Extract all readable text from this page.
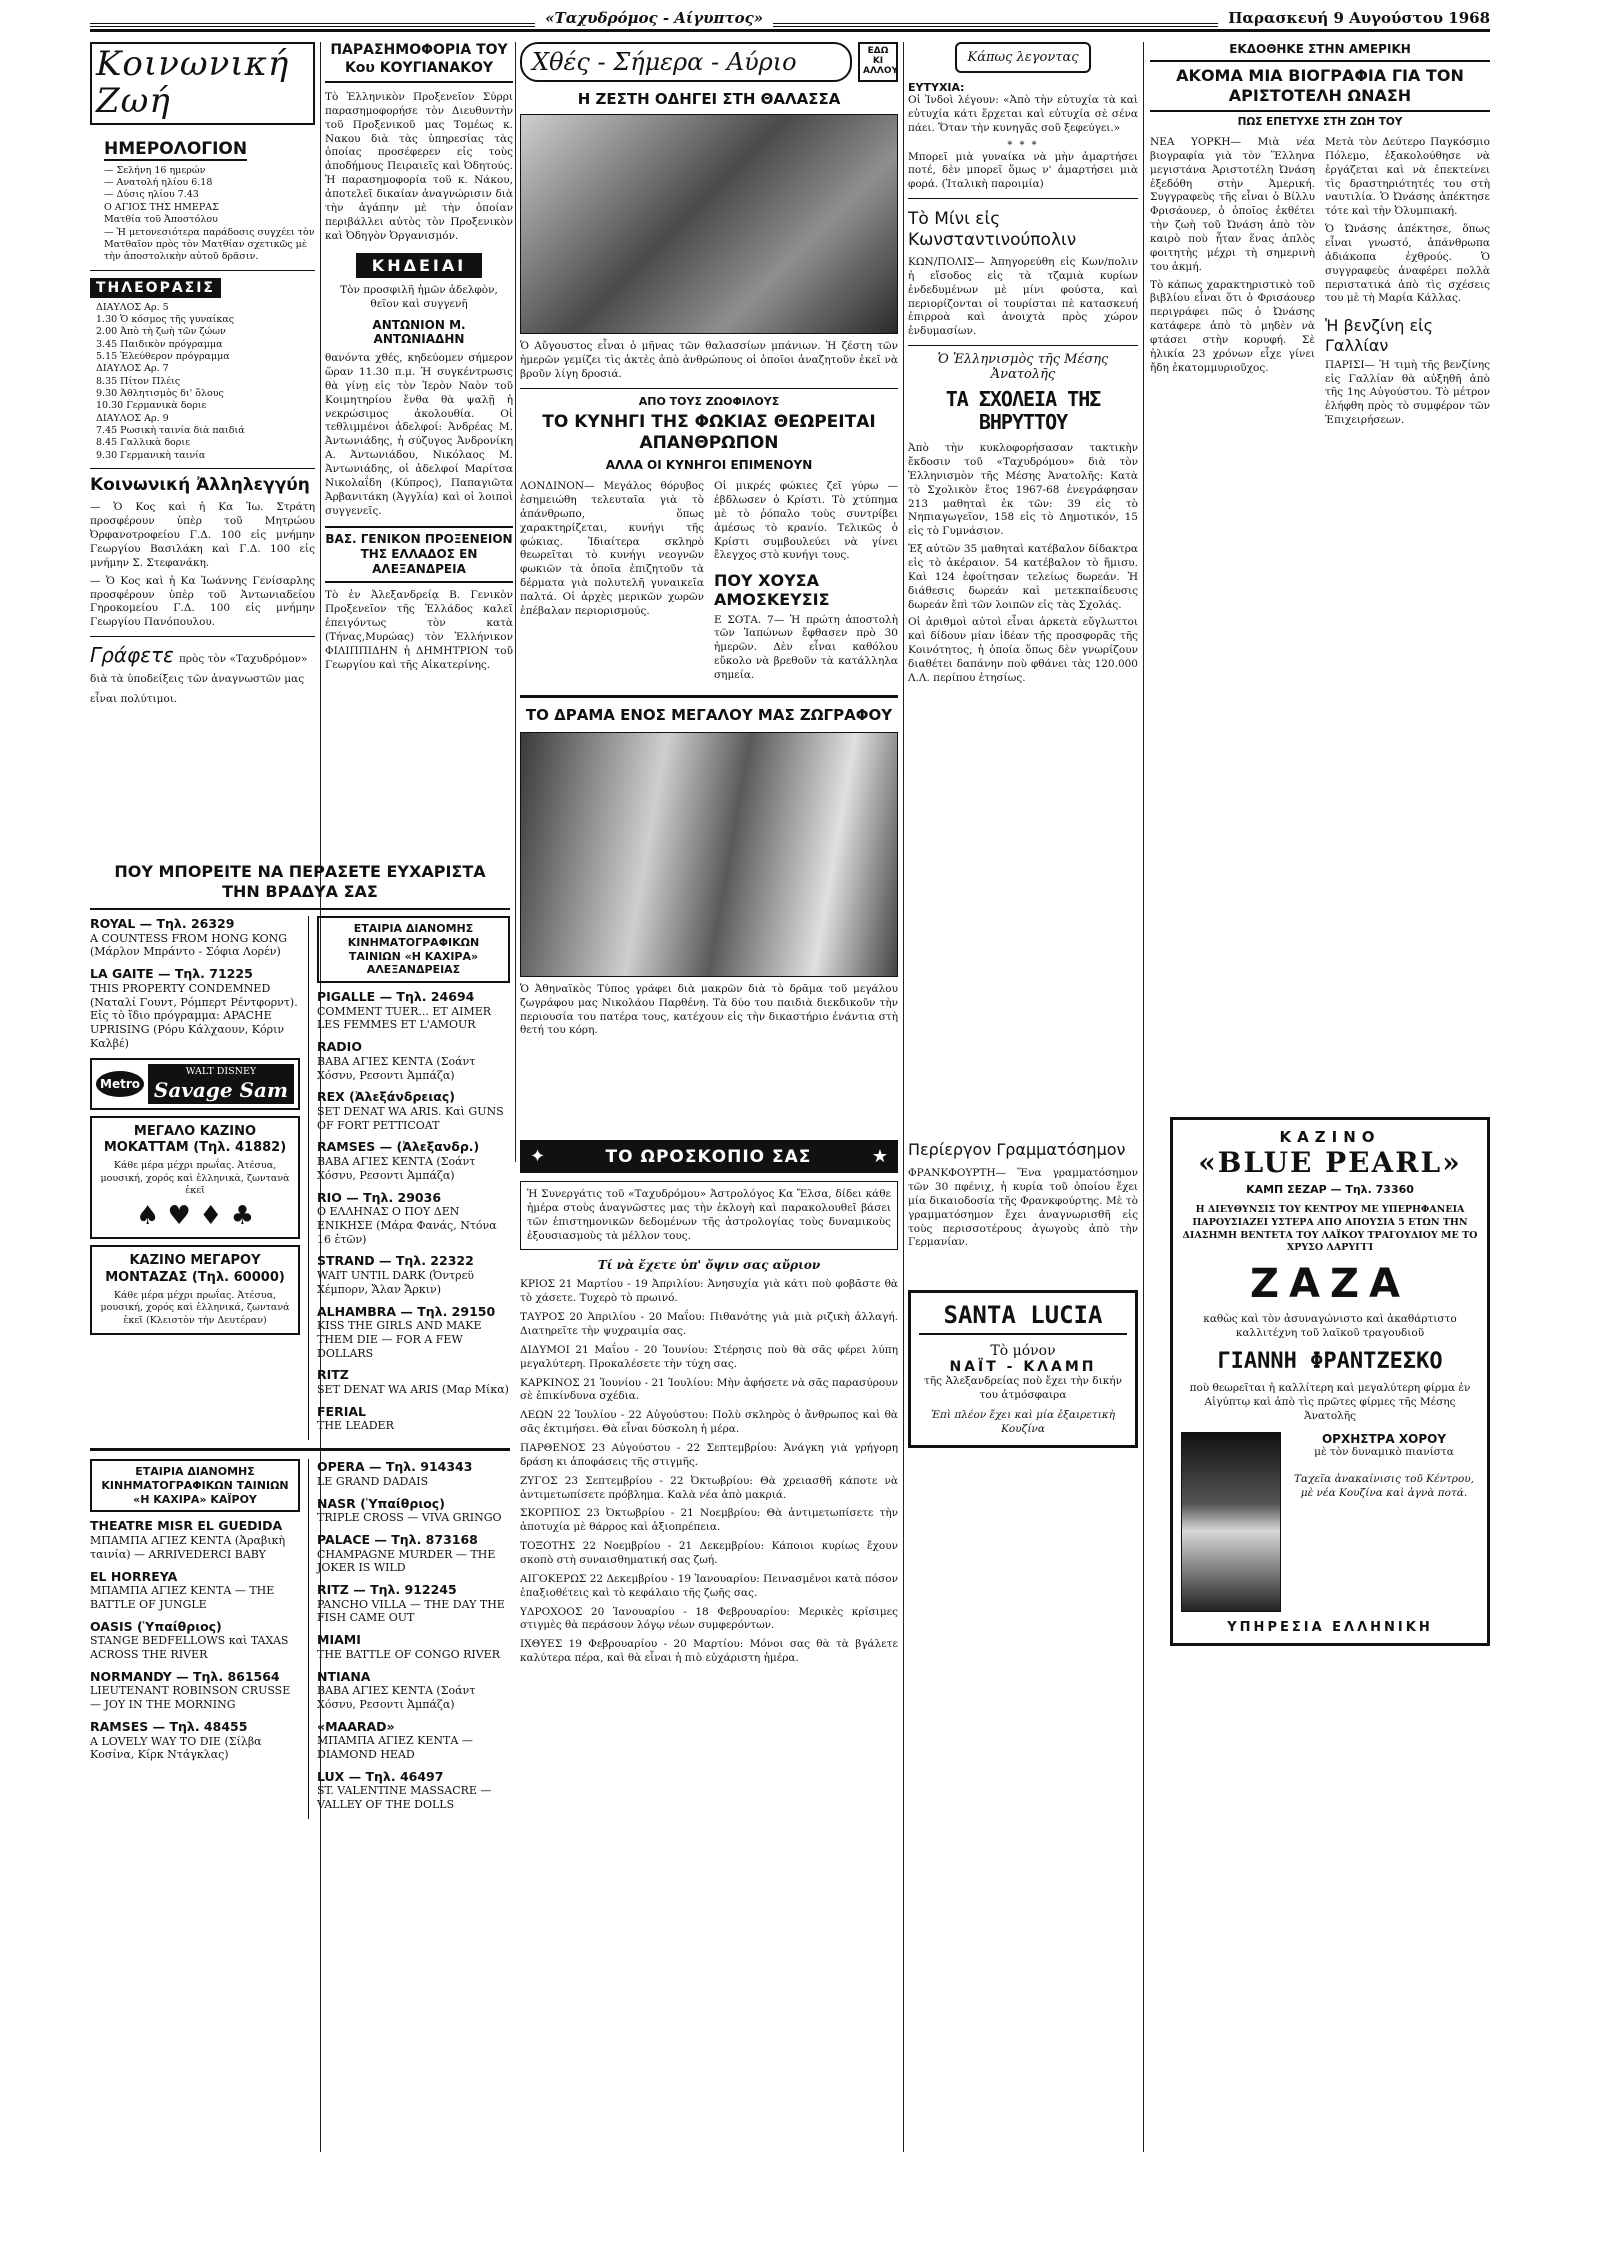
«Ταχυδρόμος - Αίγυπτος»	Παρασκευή 9 Αυγούστου 1968
Κοινωνική Ζωή
ΗΜΕΡΟΛΟΓΙΟΝ
— Σελήνη 16 ημερών
— Ανατολή ηλίου 6.18
— Δύσις ηλίου 7.43
Ο ΑΓΙΟΣ ΤΗΣ ΗΜΕΡΑΣ
Ματθία τοῦ Ἀποστόλου
— Ἡ μετονεσιότερα παράδοσις συγχέει τὸν Ματθαῖον πρὸς τὸν Ματθίαν σχετικῶς μὲ τὴν ἀποστολικὴν αὐτοῦ δρᾶσιν.
ΤΗΛΕΟΡΑΣΙΣ
ΔΙΑΥΛΟΣ Αρ. 5
1.30 Ὁ κόσμος τῆς γυναίκας
2.00 Ἀπὸ τὴ ζωὴ τῶν ζώων
3.45 Παιδικὸν πρόγραμμα
5.15 Ἐλεύθερον πρόγραμμα
ΔΙΑΥΛΟΣ Αρ. 7
8.35 Πίτον Πλέις
9.30 Ἀθλητισμὸς δι' ὅλους
10.30 Γερμανικὰ δοριε
ΔΙΑΥΛΟΣ Αρ. 9
7.45 Ρωσικὴ ταινία διὰ παιδιά
8.45 Γαλλικὰ δοριε
9.30 Γερμανικὴ ταινία
Κοινωνική Ἀλληλεγγύη

— Ὁ Κος καὶ ἡ Κα Ἰω. Στράτη προσφέρουν ὑπὲρ τοῦ Μητρώου Ὀρφανοτροφείου Γ.Δ. 100 εἰς μνήμην Γεωργίου Βασιλάκη καὶ Γ.Δ. 100 εἰς μνήμην Σ. Στεφανάκη.

— Ὁ Κος καὶ ἡ Κα Ἰωάννης Γενίσαρλης προσφέρουν ὑπὲρ τοῦ Ἀντωνιαδείου Γηροκομείου Γ.Δ. 100 εἰς μνήμην Γεωργίου Πανόπουλου.

Γράφετε πρὸς τὸν «Ταχυδρόμον» διὰ τὰ ὑποδείξεις τῶν ἀναγνωστῶν μας εἶναι πολύτιμοι.
ΠΑΡΑΣΗΜΟΦΟΡΙΑ ΤΟΥ Κου ΚΟΥΓΙΑΝΑΚΟΥ

Τὸ Ἑλληνικὸν Προξενεῖον Σύρρι παρασημοφορήσε τὸν Διευθυντὴν τοῦ Προξενικοῦ μας Τομέως κ. Νακου διὰ τὰς ὑπηρεσίας τὰς ὁποίας προσέφερεν εἰς τοὺς ἀποδήμους Πειραιεῖς καὶ Ὀδητούς. Ἡ παρασημοφορία τοῦ κ. Νάκου, ἀποτελεῖ δικαίαν ἀναγνώρισιν διὰ τὴν ἀγάπην μὲ τὴν ὁποίαν περιβάλλει αὐτὸς τὸν Προξενικὸν καὶ Ὀδηγὸν Ὀργανισμόν.

ΚΗΔΕΙΑΙ

Τὸν προσφιλῆ ἡμῶν ἀδελφὸν, θεῖον καὶ συγγενῆ

ΑΝΤΩΝΙΟΝ Μ. ΑΝΤΩΝΙΑΔΗΝ

θανόντα χθές, κηδεύομεν σήμερον ὥραν 11.30 π.μ. Ἡ συγκέντρωσις θὰ γίνῃ εἰς τὸν Ἱερὸν Ναὸν τοῦ Κοιμητηρίου ἔνθα θὰ ψαλῇ ἡ νεκρώσιμος ἀκολουθία. Οἱ τεθλιμμένοι ἀδελφοί: Ἀνδρέας Μ. Ἀντωνιάδης, ἡ σύζυγος Ἀνδρονίκη Α. Ἀντωνιάδου, Νικόλαος Μ. Ἀντωνιάδης, οἱ ἀδελφοί Μαρίτσα Νικολαΐδη (Κύπρος), Παπαγιῶτα Ἀρβανιτάκη (Ἀγγλία) καὶ οἱ λοιποὶ συγγενεῖς.

ΒΑΣ. ΓΕΝΙΚΟΝ ΠΡΟΞΕΝΕΙΟΝ ΤΗΣ ΕΛΛΑΔΟΣ ΕΝ ΑΛΕΞΑΝΔΡΕΙΑ

Τὸ ἐν Ἀλεξανδρείᾳ Β. Γενικὸν Προξενεῖον τῆς Ἑλλάδος καλεῖ ἐπειγόντως τὸν κατὰ (Τήνας,Μυρώας) τὸν Ἑλλήνικον ΦΙΛΙΠΠΙΔΗΝ ἡ ΔΗΜΗΤΡΙΟΝ τοῦ Γεωργίου καὶ τῆς Αἰκατερίνης.

Χθές - Σήμερα - Αύριο	ΕΔΩ ΚΙ ΑΛΛΟΥ
Η ΖΕΣΤΗ ΟΔΗΓΕΙ ΣΤΗ ΘΑΛΑΣΣΑ

Ὁ Αὔγουστος εἶναι ὁ μῆνας τῶν θαλασσίων μπάνιων. Ἡ ζέστη τῶν ἡμερῶν γεμίζει τὶς ἀκτὲς ἀπὸ ἀνθρώπους οἱ ὁποῖοι ἀναζητοῦν ἐκεῖ νὰ βροῦν λίγη δροσιά.

ΑΠΟ ΤΟΥΣ ΖΩΟΦΙΛΟΥΣ
ΤΟ ΚΥΝΗΓΙ ΤΗΣ ΦΩΚΙΑΣ ΘΕΩΡΕΙΤΑΙ ΑΠΑΝΘΡΩΠΟΝ
ΑΛΛΑ ΟΙ ΚΥΝΗΓΟΙ ΕΠΙΜΕΝΟΥΝ

ΛΟΝΔΙΝΟΝ— Μεγάλος θόρυβος ἐσημειώθη τελευταῖα γιὰ τὸ ἀπάνθρωπο, ὅπως χαρακτηρίζεται, κυνήγι τῆς φώκιας. Ἰδιαίτερα σκληρὸ θεωρεῖται τὸ κυνήγι νεογνῶν φωκιῶν τὰ ὁποῖα ἐπιζητοῦν τὰ δέρματα γιὰ πολυτελῆ γυναικεῖα παλτά. Οἱ ἀρχὲς μερικῶν χωρῶν ἐπέβαλαν περιορισμούς.

Οἱ μικρές φώκιες ζεῖ γύρω — ἐβδλωσεν ὁ Κρίστι. Τὸ χτύπημα μὲ τὸ ῥόπαλο τοὺς συντρίβει ἀμέσως τὸ κρανίο. Τελικῶς ὁ Κρίστι συμβουλεύει νὰ γίνει ἔλεγχος στὸ κυνήγι τους.

ΠΟΥ ΧΟΥΣΑ ΑΜΟΣΚΕΥΣΙΣ

Ε ΣΟΤΑ. 7— Ἡ πρώτη ἀποστολὴ τῶν Ἰαπώνων ἔφθασεν πρὸ 30 ἡμερῶν. Δὲν εἶναι καθόλου εὔκολο νὰ βρεθοῦν τὰ κατάλληλα σημεία.

ΤΟ ΔΡΑΜΑ ΕΝΟΣ ΜΕΓΑΛΟΥ ΜΑΣ ΖΩΓΡΑΦΟΥ

Ὁ Ἀθηναϊκὸς Τύπος γράφει διὰ μακρῶν διὰ τὸ δρᾶμα τοῦ μεγάλου ζωγράφου μας Νικολάου Παρθένη. Τὰ δύο του παιδιὰ διεκδικοῦν τὴν περιουσία του πατέρα τους, κατέχουν εἰς τὴν δικαστήριο ἐνάντια στὴ θετή του κόρη.

Κάπως λεγοντας
ΕΥΤΥΧΙΑ:

Οἱ Ἰνδοὶ λέγουν: «Ἀπὸ τὴν εὐτυχία τὰ καὶ εὐτυχία κάτι ἔρχεται καὶ εὐτυχία σὲ σένα πάει. Ὅταν τὴν κυνηγᾶς σοῦ ξεφεύγει.»

* * *

Μπορεῖ μιὰ γυναίκα νὰ μὴν ἀμαρτήσει ποτέ, δὲν μπορεῖ ὅμως ν' ἀμαρτήσει μιὰ φορά. (Ἰταλικὴ παροιμία)

Τὸ Μίνι εἰς Κωνσταντινούπολιν

ΚΩΝ/ΠΟΛΙΣ— Ἀπηγορεύθη εἰς Κων/πολιν ἡ εἴσοδος εἰς τὰ τζαμιὰ κυρίων ἐνδεδυμένων μὲ μίνι φούστα, καὶ περιορίζονται οἱ τουρίσται πὲ κατασκευή ἐπιρροὰ καὶ ἀνοιχτὰ πρὸς χώρον ἐνδυμασίων.

Ὁ Ἑλληνισμὸς τῆς Μέσης Ἀνατολῆς
ΤΑ ΣΧΟΛΕΙΑ ΤΗΣ ΒΗΡΥΤΤΟΥ

Ἀπὸ τὴν κυκλοφορήσασαν τακτικὴν ἔκδοσιν τοῦ «Ταχυδρόμου» διὰ τὸν Ἑλληνισμὸν τῆς Μέσης Ἀνατολῆς: Κατὰ τὸ Σχολικὸν ἔτος 1967-68 ἐνεγράφησαν 213 μαθηταὶ ἐκ τῶν: 39 εἰς τὸ Νηπιαγωγεῖον, 158 εἰς τὸ Δημοτικόν, 15 εἰς τὸ Γυμνάσιον.

Ἐξ αὐτῶν 35 μαθηταὶ κατέβαλον δίδακτρα εἰς τὸ ἀκέραιον. 54 κατέβαλον τὸ ἥμισυ. Καὶ 124 ἐφοίτησαν τελείως δωρεάν. Ἡ διάθεσις δωρεάν καὶ μετεκπαίδευσις δωρεάν ἔπὶ τῶν λοιπῶν εἰς τὰς Σχολάς.

Οἱ ἀριθμοὶ αὐτοὶ εἶναι ἀρκετὰ εὔγλωττοι καὶ δίδουν μίαν ἰδέαν τῆς προσφορᾶς τῆς Κοινότητος, ἡ ὁποία ὅπως δὲν γνωρίζουν διαθέτει δαπάνην ποὺ φθάνει τὰς 120.000 Λ.Λ. περίπου ἐτησίως.

ΕΚΔΟΘΗΚΕ ΣΤΗΝ ΑΜΕΡΙΚΗ
ΑΚΟΜΑ ΜΙΑ ΒΙΟΓΡΑΦΙΑ ΓΙΑ ΤΟΝ ΑΡΙΣΤΟΤΕΛΗ ΩΝΑΣΗ
ΠΩΣ ΕΠΕΤΥΧΕ ΣΤΗ ΖΩΗ ΤΟΥ

ΝΕΑ ΥΟΡΚΗ— Μιὰ νέα βιογραφία γιὰ τὸν Ἕλληνα μεγιστάνα Ἀριστοτέλη Ὠνάση ἐξεδόθη στὴν Ἀμερική. Συγγραφεὺς τῆς εἶναι ὁ Βίλλυ Φρισάουερ, ὁ ὁποῖος ἐκθέτει τὴν ζωὴ τοῦ Ὠνάση ἀπὸ τὸν καιρὸ ποὺ ἦταν ἕνας ἁπλὸς φοιτητὴς μέχρι τὴ σημερινὴ του ἀκμή.

Τὸ κάπως χαρακτηριστικὸ τοῦ βιβλίου εἶναι ὅτι ὁ Φρισάουερ περιγράφει πῶς ὁ Ὠνάσης κατάφερε ἀπὸ τὸ μηδὲν νὰ φτάσει στὴν κορυφή. Σὲ ἡλικία 23 χρόνων εἶχε γίνει ἤδη ἑκατομμυριοῦχος.

Μετὰ τὸν Δεύτερο Παγκόσμιο Πόλεμο, ἐξακολούθησε νὰ ἐργάζεται καὶ νὰ ἐπεκτείνει τὶς δραστηριότητές του στὴ ναυτιλία. Ὁ Ὠνάσης ἀπέκτησε τότε καὶ τὴν Ὀλυμπιακή.

Ὁ Ὠνάσης ἀπέκτησε, ὅπως εἶναι γνωστό, ἀπάνθρωπα ἀδιάκοπα ἐχθρούς. Ὁ συγγραφεὺς ἀναφέρει πολλὰ περιστατικά ἀπὸ τὶς σχέσεις του μὲ τὴ Μαρία Κάλλας.

Ἡ βενζίνη εἰς Γαλλίαν

ΠΑΡΙΣΙ— Ἡ τιμὴ τῆς βενζίνης εἰς Γαλλίαν θὰ αὐξηθῆ ἀπὸ τῆς 1ης Αὐγούστου. Τὸ μέτρον ἐλήφθη πρὸς τὸ συμφέρον τῶν Ἐπιχειρήσεων.

ΚΑΖΙΝΟ
«BLUE PEARL»
ΚΑΜΠ ΣΕΖΑΡ — Τηλ. 73360
Η ΔΙΕΥΘΥΝΣΙΣ ΤΟΥ ΚΕΝΤΡΟΥ ΜΕ ΥΠΕΡΗΦΑΝΕΙΑ ΠΑΡΟΥΣΙΑΖΕΙ ΥΣΤΕΡΑ ΑΠΟ ΑΠΟΥΣΙΑ 5 ΕΤΩΝ ΤΗΝ ΔΙΑΣΗΜΗ ΒΕΝΤΕΤΑ ΤΟΥ ΛΑΪΚΟΥ ΤΡΑΓΟΥΔΙΟΥ ΜΕ ΤΟ ΧΡΥΣΟ ΛΑΡΥΓΓΙ
ΖΑΖΑ
καθὼς καὶ τὸν ἀσυναγώνιστο καὶ ἀκαθάρτιστο καλλιτέχνη τοῦ λαϊκοῦ τραγουδιοῦ
ΓΙΑΝΝΗ ΦΡΑΝΤΖΕΣΚΟ
ποὺ θεωρεῖται ἡ καλλίτερη καὶ μεγαλύτερη φίρμα ἐν Αἰγύπτῳ καὶ ἀπὸ τὶς πρῶτες φίρμες τῆς Μέσης Ἀνατολῆς
ΟΡΧΗΣΤΡΑ ΧΟΡΟΥ
μὲ τὸν δυναμικὸ πιανίστα
Ταχεῖα ἀνακαίνισις τοῦ Κέντρου, μὲ νέα Κουζίνα καὶ ἀγνὰ ποτά.
ΥΠΗΡΕΣΙΑ ΕΛΛΗΝΙΚΗ
ΠΟΥ ΜΠΟΡΕΙΤΕ ΝΑ ΠΕΡΑΣΕΤΕ ΕΥΧΑΡΙΣΤΑ ΤΗΝ ΒΡΑΔΥΑ ΣΑΣ
ROYAL — Τηλ. 26329
A COUNTESS FROM HONG KONG (Μάρλον Μπράντο - Σόφια Λορέν)
LA GAITE — Τηλ. 71225
THIS PROPERTY CONDEMNED (Ναταλί Γουντ, Ρόμπερτ Ρέντφορντ). Εἰς τὸ ἴδιο πρόγραμμα: APACHE UPRISING (Ρόρυ Κάλχαουν, Κόριν Καλβέ)
Metro
WALT DISNEY
Savage Sam
ΜΕΓΑΛΟ ΚΑΖΙΝΟ ΜΟΚΑΤΤΑΜ (Τηλ. 41882)
Κάθε μέρα μέχρι πρωΐας. Ἀτέσυα, μουσική, χορός καὶ ἑλληνικὰ, ζωντανὰ ἐκεῖ
♠ ♥ ♦ ♣
ΚΑΖΙΝΟ ΜΕΓΑΡΟΥ ΜΟΝΤΑΖΑΣ (Τηλ. 60000)
Κάθε μέρα μέχρι πρωΐας. Ἀτέσυα, μουσική, χορός καὶ ἑλληνικά, ζωντανά ἐκεῖ (Κλειστὸν τὴν Δευτέραν)
ΕΤΑΙΡΙΑ ΔΙΑΝΟΜΗΣ ΚΙΝΗΜΑΤΟΓΡΑΦΙΚΩΝ ΤΑΙΝΙΩΝ «Η ΚΑΧΙΡΑ» ΑΛΕΞΑΝΔΡΕΙΑΣ
PIGALLE — Τηλ. 24694
COMMENT TUER... ET AIMER LES FEMMES ET L'AMOUR
RADIO
ΒΑΒΑ ΑΓΙΕΣ ΚΕΝΤΑ (Σοάντ Χόσνυ, Ρεσοντι Ἀμπάζα)
REX (Ἀλεξάνδρειας)
SET DENAT WA ARIS. Καὶ GUNS OF FORT PETTICOAT
RAMSES — (Ἀλεξανδρ.)
ΒΑΒΑ ΑΓΙΕΣ ΚΕΝΤΑ (Σοάντ Χόσνυ, Ρεσοντι Ἀμπάζα)
RIO — Τηλ. 29036
Ο ΕΛΛΗΝΑΣ Ο ΠΟΥ ΔΕΝ ΕΝΙΚΗΣΕ (Μάρα Φανάς, Ντόνα 16 ἐτῶν)
STRAND — Τηλ. 22322
WAIT UNTIL DARK (Ὀντρεϋ Χέμπορν, Ἄλαν Ἄρκιν)
ALHAMBRA — Τηλ. 29150
KISS THE GIRLS AND MAKE THEM DIE — FOR A FEW DOLLARS
RITZ
SET DENAT WA ARIS (Μαρ Μίκα)
FERIAL
THE LEADER
ΕΤΑΙΡΙΑ ΔΙΑΝΟΜΗΣ ΚΙΝΗΜΑΤΟΓΡΑΦΙΚΩΝ ΤΑΙΝΙΩΝ «Η ΚΑΧΙΡΑ» ΚΑΪΡΟΥ
THEATRE MISR EL GUEDIDA
ΜΠΑΜΠΑ ΑΓΙΕΖ ΚΕΝΤΑ (Ἀραβικὴ ταινία) — ARRIVEDERCI BABY
EL HORREYA
ΜΠΑΜΠΑ ΑΓΙΕΖ ΚΕΝΤΑ — ΤΗΕ BATTLE OF JUNGLE
OASIS (Ὑπαίθριος)
STANGE BEDFELLOWS καὶ TAXAS ACROSS THE RIVER
NORMANDY — Τηλ. 861564
LIEUTENANT ROBINSON CRUSSE — JOY IN THE MORNING
RAMSES — Τηλ. 48455
A LOVELY WAY TO DIE (Σίλβα Κοσίνα, Κίρκ Ντάγκλας)
OPERA — Τηλ. 914343
LE GRAND DADAIS
NASR (Ὑπαίθριος)
TRIPLE CROSS — VIVA GRINGO
PALACE — Τηλ. 873168
CHAMPAGNE MURDER — THE JOKER IS WILD
RITZ — Τηλ. 912245
PANCHO VILLA — THE DAY THE FISH CAME OUT
MIAMI
THE BATTLE OF CONGO RIVER
NTIANA
ΒΑΒΑ ΑΓΙΕΣ ΚΕΝΤΑ (Σοάντ Χόσνυ, Ρεσοντι Ἀμπάζα)
«MAARAD»
ΜΠΑΜΠΑ ΑΓΙΕΖ ΚΕΝΤΑ — DIAMOND HEAD
LUX — Τηλ. 46497
ST. VALENTINE MASSACRE — VALLEY OF THE DOLLS
✦	ΤΟ ΩΡΟΣΚΟΠΙΟ ΣΑΣ	★

Ἡ Συνεργάτις τοῦ «Ταχυδρόμου» Ἀστρολόγος Κα Ἔλσα, δίδει κάθε ἡμέρα στοὺς ἀναγνῶστες μας τὴν ἐκλογὴ καὶ παρακολουθεῖ βάσει τῶν ἐπιστημονικῶν δεδομένων τῆς ἀστρολογίας τοὺς δυναμικοὺς ἐξουσιασμοὺς τὰ μέλλον τους.

Τί νὰ ἔχετε ὑπ' ὄψιν σας αὔριον

ΚΡΙΟΣ 21 Μαρτίου - 19 Ἀπριλίου: Ἀνησυχία γιὰ κάτι ποὺ φοβᾶστε θὰ τὸ χάσετε. Τυχερὸ τὸ πρωινό.

ΤΑΥΡΟΣ 20 Ἀπριλίου - 20 Μαΐου: Πιθανότης γιὰ μιὰ ριζικὴ ἀλλαγή. Διατηρεῖτε τὴν ψυχραιμία σας.

ΔΙΔΥΜΟΙ 21 Μαΐου - 20 Ἰουνίου: Στέρησις ποὺ θὰ σᾶς φέρει λύπη μεγαλύτερη. Προκαλέσετε τὴν τύχη σας.

ΚΑΡΚΙΝΟΣ 21 Ἰουνίου - 21 Ἰουλίου: Μὴν ἀφήσετε νὰ σᾶς παρασύρουν σὲ ἐπικίνδυνα σχέδια.

ΛΕΩΝ 22 Ἰουλίου - 22 Αὐγούστου: Πολὺ σκληρὸς ὁ ἄνθρωπος καὶ θὰ σᾶς ἐκτιμήσει. Θὰ εἶναι δύσκολη ἡ μέρα.

ΠΑΡΘΕΝΟΣ 23 Αὐγούστου - 22 Σεπτεμβρίου: Ἀνάγκη γιὰ γρήγορη δράση κι ἀποφάσεις τῆς στιγμῆς.

ΖΥΓΟΣ 23 Σεπτεμβρίου - 22 Ὀκτωβρίου: Θὰ χρειασθῆ κάποτε νὰ ἀντιμετωπίσετε πρόβλημα. Καλὰ νέα ἀπὸ μακριά.

ΣΚΟΡΠΙΟΣ 23 Ὀκτωβρίου - 21 Νοεμβρίου: Θὰ ἀντιμετωπίσετε τὴν ἀποτυχία μὲ θάρρος καὶ ἀξιοπρέπεια.

ΤΟΞΟΤΗΣ 22 Νοεμβρίου - 21 Δεκεμβρίου: Κάποιοι κυρίως ἔχουν σκοπὸ στὴ συναισθηματική σας ζωή.

ΑΙΓΟΚΕΡΩΣ 22 Δεκεμβρίου - 19 Ἰανουαρίου: Πεινασμένοι κατὰ πόσον ἐπαξιοθέτεις καὶ τὸ κεφάλαιο τῆς ζωῆς σας.

ΥΔΡΟΧΟΟΣ 20 Ἰανουαρίου - 18 Φεβρουαρίου: Μερικὲς κρίσιμες στιγμὲς θὰ περάσουν λόγῳ νέων συμφερόντων.

ΙΧΘΥΕΣ 19 Φεβρουαρίου - 20 Μαρτίου: Μόνοι σας θὰ τὰ βγάλετε καλύτερα πέρα, καὶ θὰ εἶναι ἡ πιὸ εὐχάριστη ἡμέρα.

Περίεργον Γραμματόσημον

ΦΡΑΝΚΦΟΥΡΤΗ— Ἕνα γραμματόσημον τῶν 30 πφένιχ, ἡ κυρία τοῦ ὁποίου ἔχει μία δικαιοδοσία τῆς Φρανκφούρτης. Μὲ τὸ γραμματόσημον ἔχει ἀναγνωρισθῆ εἰς τοὺς περισσοτέρους ἀγωγοὺς ἀπὸ τὴν Γερμανίαν.

SANTA LUCIA
Τὸ μόνον
ΝΑΪΤ - ΚΛΑΜΠ
τῆς Ἀλεξανδρείας ποὺ ἔχει τὴν δικήν του ἀτμόσφαιρα
Ἐπὶ πλέον ἔχει καὶ μία ἐξαιρετικὴ Κουζίνα
